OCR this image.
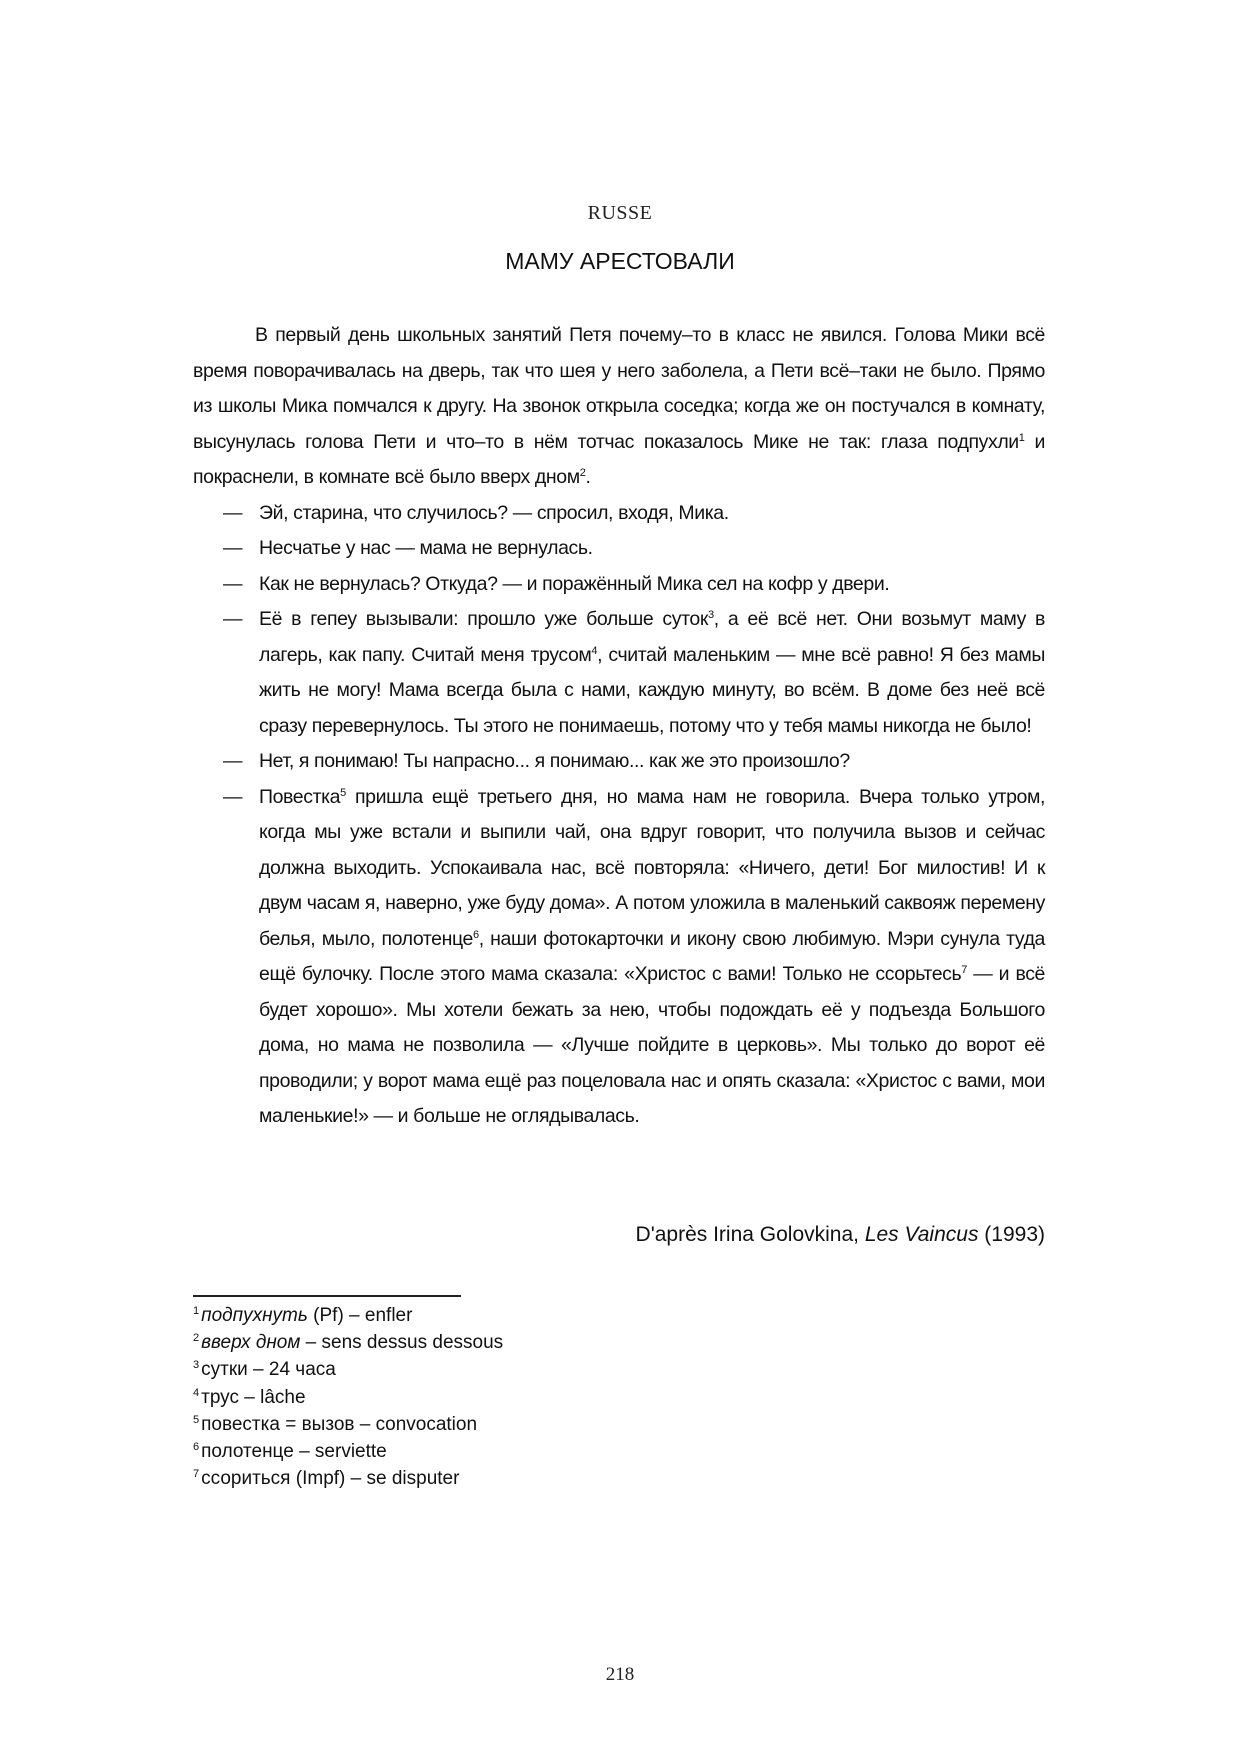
RUSSE
МАМУ АРЕСТОВАЛИ

В первый день школьных занятий Петя почему–то в класс не явился. Голова Мики всё время поворачивалась на дверь, так что шея у него заболела, а Пети всё–таки не было. Прямо из школы Мика помчался к другу. На звонок открыла соседка; когда же он постучался в комнату, высунулась голова Пети и что–то в нём тотчас показалось Мике не так: глаза подпухли$^1$ и покраснели, в комнате всё было вверх дном$^2$.

— Эй, старина, что случилось? — спросил, входя, Мика.

— Несчатье у нас — мама не вернулась.

— Как не вернулась? Откуда? — и поражённый Мика сел на кофр у двери.

— Её в гепеу вызывали: прошло уже больше суток$^3$, а её всё нет. Они возьмут маму в лагерь, как папу. Считай меня трусом$^4$, считай маленьким — мне всё равно! Я без мамы жить не могу! Мама всегда была с нами, каждую минуту, во всём. В доме без неё всё сразу перевернулось. Ты этого не понимаешь, потому что у тебя мамы никогда не было!

— Нет, я понимаю! Ты напрасно... я понимаю... как же это произошло?

— Повестка$^5$ пришла ещё третьего дня, но мама нам не говорила. Вчера только утром, когда мы уже встали и выпили чай, она вдруг говорит, что получила вызов и сейчас должна выходить. Успокаивала нас, всё повторяла: «Ничего, дети! Бог милостив! И к двум часам я, наверно, уже буду дома». А потом уложила в маленький саквояж перемену белья, мыло, полотенце$^6$, наши фотокарточки и икону свою любимую. Мэри сунула туда ещё булочку. После этого мама сказала: «Христос с вами! Только не ссорьтесь$^7$ — и всё будет хорошо». Мы хотели бежать за нею, чтобы подождать её у подъезда Большого дома, но мама не позволила — «Лучше пойдите в церковь». Мы только до ворот её проводили; у ворот мама ещё раз поцеловала нас и опять сказала: «Христос с вами, мои маленькие!» — и больше не оглядывалась.

D'après Irina Golovkina, Les Vaincus (1993)
$^1$ подпухнуть (Pf) – enfler
$^2$ вверх дном – sens dessus dessous
$^3$ сутки – 24 часа
$^4$ трус – lâche
$^5$ повестка = вызов – convocation
$^6$ полотенце – serviette
$^7$ ссориться (Impf) – se disputer
218
